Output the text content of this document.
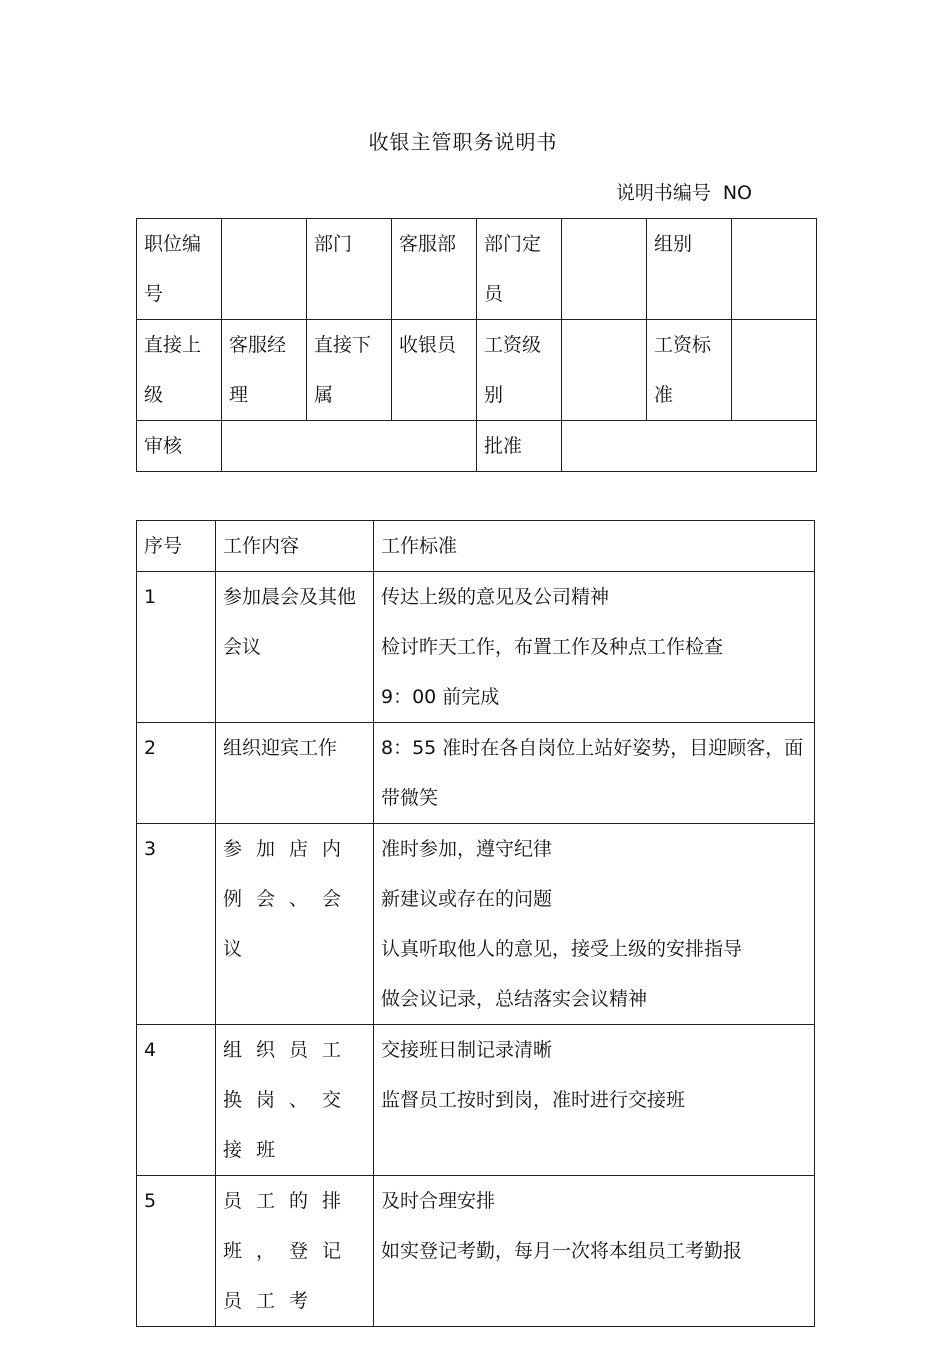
收银主管职务说明书
说明书编号 NO
职位编号		部门	客服部	部门定员		组别	
直接上级	客服经理	直接下属	收银员	工资级别		工资标准	
审核				批准			
序号	工作内容	工作标准
1	参加晨会及其他会议	传达上级的意见及公司精神
检讨昨天工作，布置工作及种点工作检查
9：00 前完成

2	组织迎宾工作	8：55 准时在各自岗位上站好姿势，目迎顾客，面带微笑

3	参加店内例会、会议	准时参加，遵守纪律
新建议或存在的问题
认真听取他人的意见，接受上级的安排指导
做会议记录，总结落实会议精神

4	组织员工换岗、交接班	交接班日制记录清晰
监督员工按时到岗，准时进行交接班

5	员工的排班，登记员工考	及时合理安排
如实登记考勤，每月一次将本组员工考勤报
